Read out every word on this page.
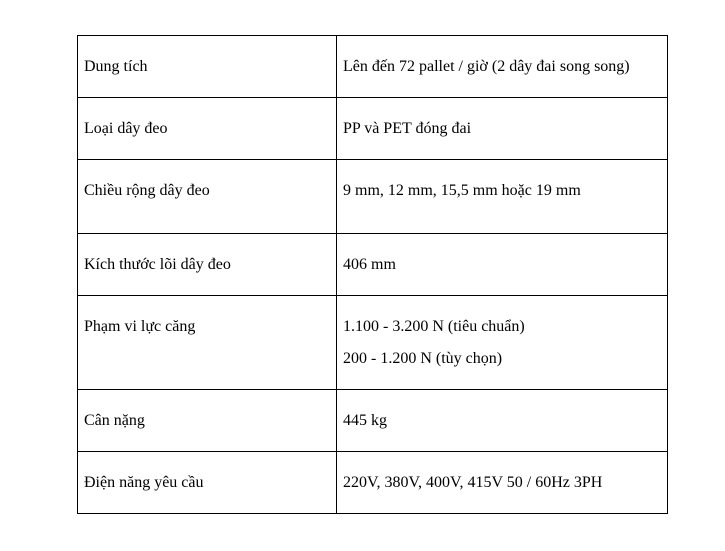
Dung tích	Lên đến 72 pallet / giờ (2 dây đai song song)

Loại dây đeo	PP và PET đóng đai

Chiều rộng dây đeo	9 mm, 12 mm, 15,5 mm hoặc 19 mm

Kích thước lõi dây đeo	406 mm

Phạm vi lực căng	1.100 - 3.200 N (tiêu chuẩn)
200 - 1.200 N (tùy chọn)

Cân nặng	445 kg

Điện năng yêu cầu	220V, 380V, 400V, 415V 50 / 60Hz 3PH
